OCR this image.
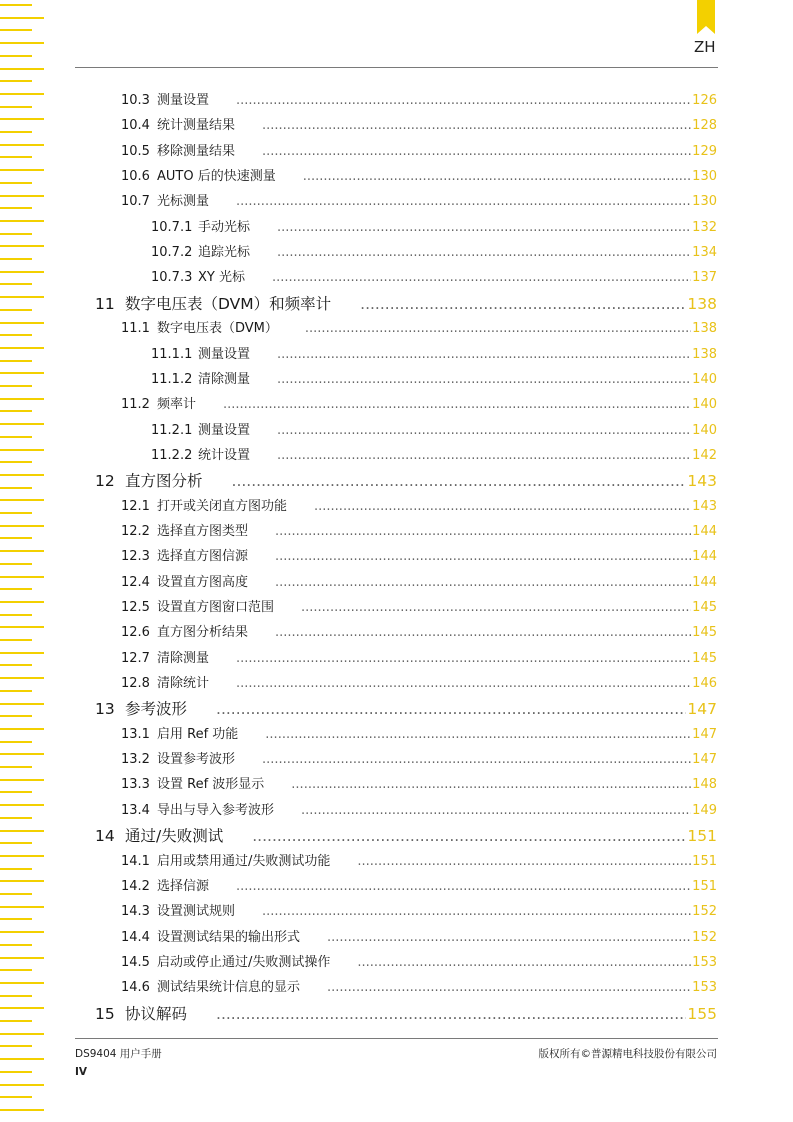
ZH
10.3 测量设置 .....	126
10.4 统计测量结果 .....	128
10.5 移除测量结果 .....	129
10.6 AUTO 后的快速测量 .....	130
10.7 光标测量 .....	130
10.7.1 手动光标 .....	132
10.7.2 追踪光标 .....	134
10.7.3 XY 光标 .....	137
11 数字电压表（DVM）和频率计 .....	138
11.1 数字电压表（DVM） .....	138
11.1.1 测量设置 .....	138
11.1.2 清除测量 .....	140
11.2 频率计 .....	140
11.2.1 测量设置 .....	140
11.2.2 统计设置 .....	142
12 直方图分析 .....	143
12.1 打开或关闭直方图功能 .....	143
12.2 选择直方图类型 .....	144
12.3 选择直方图信源 .....	144
12.4 设置直方图高度 .....	144
12.5 设置直方图窗口范围 .....	145
12.6 直方图分析结果 .....	145
12.7 清除测量 .....	145
12.8 清除统计 .....	146
13 参考波形 .....	147
13.1 启用 Ref 功能 .....	147
13.2 设置参考波形 .....	147
13.3 设置 Ref 波形显示 .....	148
13.4 导出与导入参考波形 .....	149
14 通过/失败测试 .....	151
14.1 启用或禁用通过/失败测试功能 .....	151
14.2 选择信源 .....	151
14.3 设置测试规则 .....	152
14.4 设置测试结果的输出形式 .....	152
14.5 启动或停止通过/失败测试操作 .....	153
14.6 测试结果统计信息的显示 .....	153
15 协议解码 .....	155
DS9404 用户手册	版权所有©普源精电科技股份有限公司
IV
